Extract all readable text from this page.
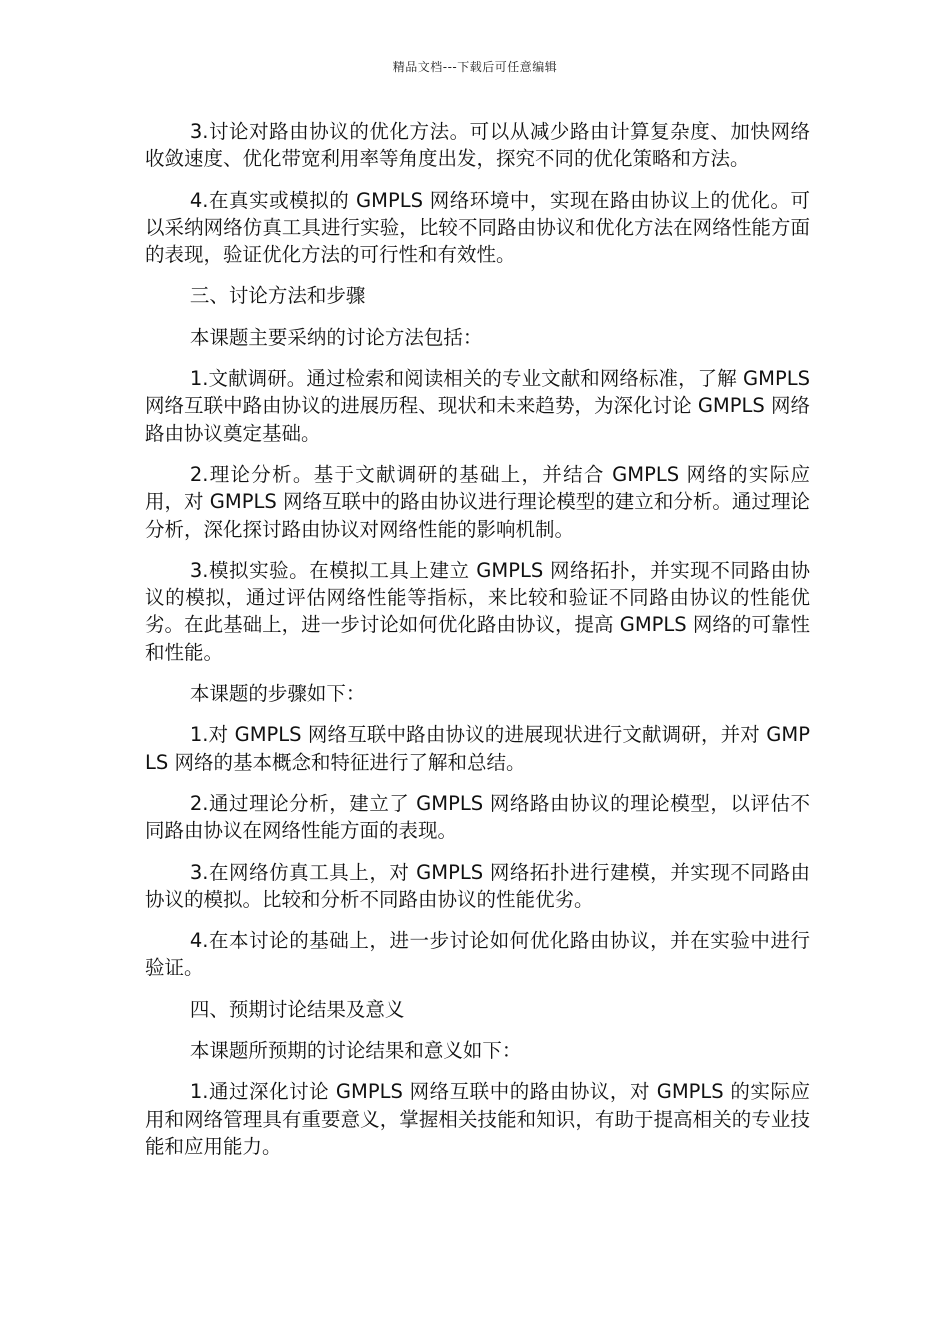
精品文档---下载后可任意编辑

3.讨论对路由协议的优化方法。可以从减少路由计算复杂度、加快网络收敛速度、优化带宽利用率等角度出发，探究不同的优化策略和方法。

4.在真实或模拟的 GMPLS 网络环境中，实现在路由协议上的优化。可以采纳网络仿真工具进行实验，比较不同路由协议和优化方法在网络性能方面的表现，验证优化方法的可行性和有效性。

三、讨论方法和步骤

本课题主要采纳的讨论方法包括：

1.文献调研。通过检索和阅读相关的专业文献和网络标准，了解 GMPLS 网络互联中路由协议的进展历程、现状和未来趋势，为深化讨论 GMPLS 网络路由协议奠定基础。

2.理论分析。基于文献调研的基础上，并结合 GMPLS 网络的实际应用，对 GMPLS 网络互联中的路由协议进行理论模型的建立和分析。通过理论分析，深化探讨路由协议对网络性能的影响机制。

3.模拟实验。在模拟工具上建立 GMPLS 网络拓扑，并实现不同路由协议的模拟，通过评估网络性能等指标，来比较和验证不同路由协议的性能优劣。在此基础上，进一步讨论如何优化路由协议，提高 GMPLS 网络的可靠性和性能。

本课题的步骤如下：

1.对 GMPLS 网络互联中路由协议的进展现状进行文献调研，并对 GMPLS 网络的基本概念和特征进行了解和总结。

2.通过理论分析，建立了 GMPLS 网络路由协议的理论模型，以评估不同路由协议在网络性能方面的表现。

3.在网络仿真工具上，对 GMPLS 网络拓扑进行建模，并实现不同路由协议的模拟。比较和分析不同路由协议的性能优劣。

4.在本讨论的基础上，进一步讨论如何优化路由协议，并在实验中进行验证。

四、预期讨论结果及意义

本课题所预期的讨论结果和意义如下：

1.通过深化讨论 GMPLS 网络互联中的路由协议，对 GMPLS 的实际应用和网络管理具有重要意义，掌握相关技能和知识，有助于提高相关的专业技能和应用能力。
